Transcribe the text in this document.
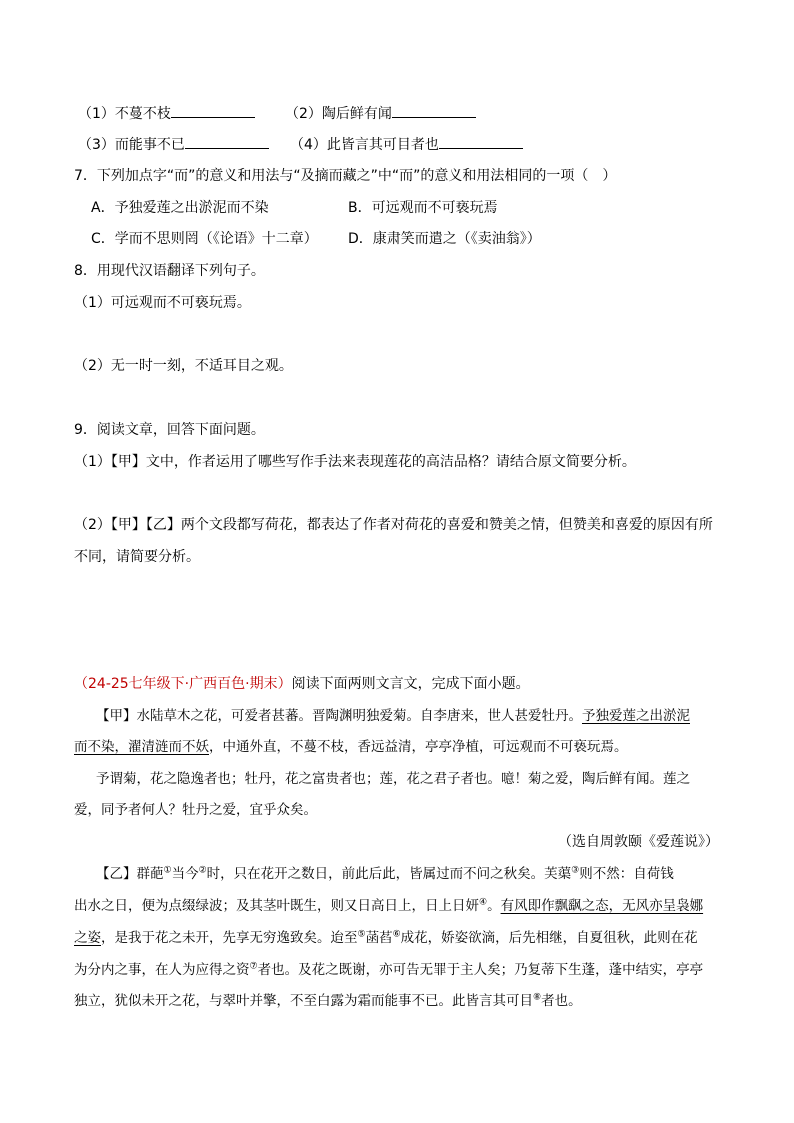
（1）不蔓不枝	（2）陶后鲜有闻
（3）而能事不已	（4）此皆言其可目者也
7．下列加点字“而”的意义和用法与“及摘而藏之”中“而”的意义和用法相同的一项（　）
A．予独爱莲之出淤泥而不染	B．可远观而不可亵玩焉
C．学而不思则罔（《论语》十二章） D．康肃笑而遣之（《卖油翁》）
8．用现代汉语翻译下列句子。
（1）可远观而不可亵玩焉。
（2）无一时一刻，不适耳目之观。
9．阅读文章，回答下面问题。
（1）【甲】文中，作者运用了哪些写作手法来表现莲花的高洁品格？请结合原文简要分析。
（2）【甲】【乙】两个文段都写荷花，都表达了作者对荷花的喜爱和赞美之情，但赞美和喜爱的原因有所
不同，请简要分析。
（24-25七年级下·广西百色·期末）阅读下面两则文言文，完成下面小题。
【甲】水陆草木之花，可爱者甚蕃。晋陶渊明独爱菊。自李唐来，世人甚爱牡丹。予独爱莲之出淤泥
而不染，濯清涟而不妖，中通外直，不蔓不枝，香远益清，亭亭净植，可远观而不可亵玩焉。
予谓菊，花之隐逸者也；牡丹，花之富贵者也；莲，花之君子者也。噫！菊之爱，陶后鲜有闻。莲之
爱，同予者何人？牡丹之爱，宜乎众矣。
（选自周敦颐《爱莲说》）
【乙】群葩①当今②时，只在花开之数日，前此后此，皆属过而不问之秋矣。芙蕖③则不然：自荷钱
出水之日，便为点缀绿波；及其茎叶既生，则又日高日上，日上日妍④。有风即作飘飖之态，无风亦呈袅娜
之姿，是我于花之未开，先享无穷逸致矣。迨至⑤菡萏⑥成花，娇姿欲滴，后先相继，自夏徂秋，此则在花
为分内之事，在人为应得之资⑦者也。及花之既谢，亦可告无罪于主人矣；乃复蒂下生蓬，蓬中结实，亭亭
独立，犹似未开之花，与翠叶并擎，不至白露为霜而能事不已。此皆言其可目⑧者也。
